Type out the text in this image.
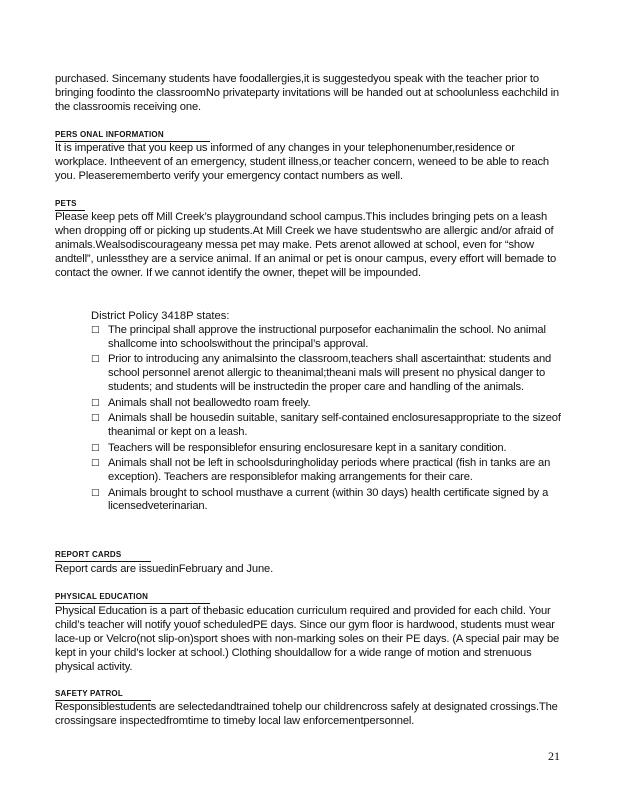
purchased. Sincemany students have foodallergies,it is suggestedyou speak with the teacher prior to bringing foodinto the classroomNo privateparty invitations will be handed out at schoolunless eachchild in the classroomis receiving one.
PERS ONAL INFORMATION
It is imperative that you keep us informed of any changes in your telephonenumber,residence or workplace. Intheevent of an emergency, student illness,or teacher concern, weneed to be able to reach you. Pleaserememberto verify your emergency contact numbers as well.
PETS
Please keep pets off Mill Creek’s playgroundand school campus.This includes bringing pets on a leash when dropping off or picking up students.At Mill Creek we have studentswho are allergic and/or afraid of animals.Wealsodiscourageany messa pet may make. Pets arenot allowed at school, even for “show andtell”, unlessthey are a service animal. If an animal or pet is onour campus, every effort will bemade to contact the owner. If we cannot identify the owner, thepet will be impounded.
District Policy 3418P states:
□ The principal shall approve the instructional purposefor eachanimalin the school. No animal shallcome into schoolswithout the principal’s approval.
□ Prior to introducing any animalsinto the classroom,teachers shall ascertainthat: students and school personnel arenot allergic to theanimal;theani mals will present no physical danger to students; and students will be instructedin the proper care and handling of the animals.
□ Animals shall not beallowedto roam freely.
□ Animals shall be housedin suitable, sanitary self-contained enclosuresappropriate to the sizeof theanimal or kept on a leash.
□ Teachers will be responsiblefor ensuring enclosuresare kept in a sanitary condition.
□ Animals shall not be left in schoolsduringholiday periods where practical (fish in tanks are an exception). Teachers are responsiblefor making arrangements for their care.
□ Animals brought to school musthave a current (within 30 days) health certificate signed by a licensedveterinarian.
REPORT CARDS
Report cards are issuedinFebruary and June.
PHYSICAL EDUCATION
Physical Education is a part of thebasic education curriculum required and provided for each child. Your child’s teacher will notify youof scheduledPE days. Since our gym floor is hardwood, students must wear lace-up or Velcro(not slip-on)sport shoes with non-marking soles on their PE days. (A special pair may be kept in your child’s locker at school.) Clothing shouldallow for a wide range of motion and strenuous physical activity.
SAFETY PATROL
Responsiblestudents are selectedandtrained tohelp our childrencross safely at designated crossings.The crossingsare inspectedfromtime to timeby local law enforcementpersonnel.
21
